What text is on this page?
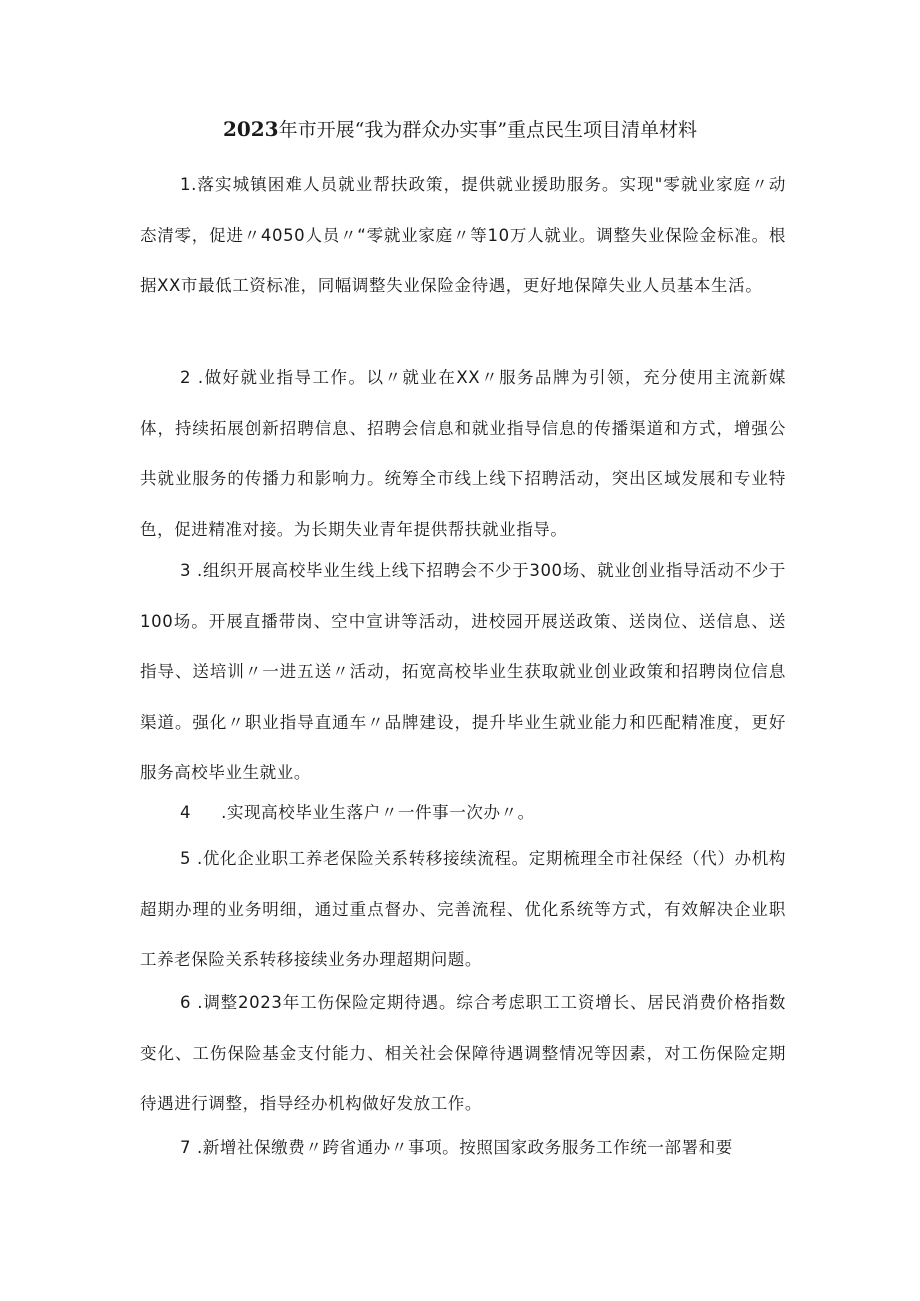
2023年市开展“我为群众办实事”重点民生项目清单材料

1.落实城镇困难人员就业帮扶政策，提供就业援助服务。实现"零就业家庭〃动态清零，促进〃4050人员〃“零就业家庭〃等10万人就业。调整失业保险金标准。根据XX市最低工资标准，同幅调整失业保险金待遇，更好地保障失业人员基本生活。

2 .做好就业指导工作。以〃就业在XX〃服务品牌为引领，充分使用主流新媒体，持续拓展创新招聘信息、招聘会信息和就业指导信息的传播渠道和方式，增强公共就业服务的传播力和影响力。统筹全市线上线下招聘活动，突出区域发展和专业特色，促进精准对接。为长期失业青年提供帮扶就业指导。

3 .组织开展高校毕业生线上线下招聘会不少于300场、就业创业指导活动不少于100场。开展直播带岗、空中宣讲等活动，进校园开展送政策、送岗位、送信息、送指导、送培训〃一进五送〃活动，拓宽高校毕业生获取就业创业政策和招聘岗位信息渠道。强化〃职业指导直通车〃品牌建设，提升毕业生就业能力和匹配精准度，更好服务高校毕业生就业。

4 .实现高校毕业生落户〃一件事一次办〃。

5 .优化企业职工养老保险关系转移接续流程。定期梳理全市社保经（代）办机构超期办理的业务明细，通过重点督办、完善流程、优化系统等方式，有效解决企业职工养老保险关系转移接续业务办理超期问题。

6 .调整2023年工伤保险定期待遇。综合考虑职工工资增长、居民消费价格指数变化、工伤保险基金支付能力、相关社会保障待遇调整情况等因素，对工伤保险定期待遇进行调整，指导经办机构做好发放工作。

7 .新增社保缴费〃跨省通办〃事项。按照国家政务服务工作统一部署和要
